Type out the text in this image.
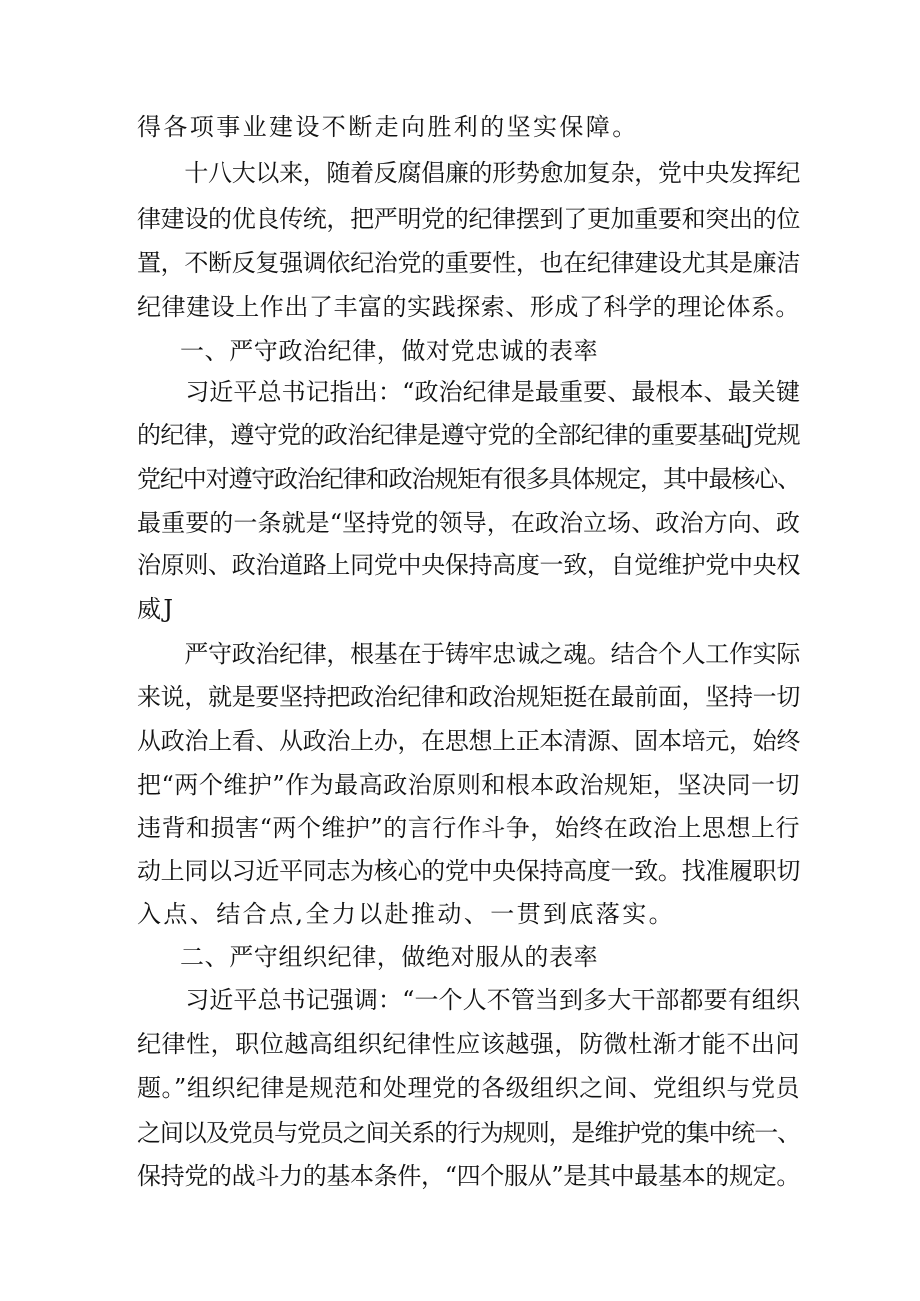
得各项事业建设不断走向胜利的坚实保障。
　　十八大以来，随着反腐倡廉的形势愈加复杂，党中央发挥纪
律建设的优良传统，把严明党的纪律摆到了更加重要和突出的位
置，不断反复强调依纪治党的重要性，也在纪律建设尤其是廉洁
纪律建设上作出了丰富的实践探索、形成了科学的理论体系。
一、严守政治纪律，做对党忠诚的表率
　　习近平总书记指出：“政治纪律是最重要、最根本、最关键
的纪律，遵守党的政治纪律是遵守党的全部纪律的重要基础J党规
党纪中对遵守政治纪律和政治规矩有很多具体规定，其中最核心、
最重要的一条就是“坚持党的领导，在政治立场、政治方向、政
治原则、政治道路上同党中央保持高度一致，自觉维护党中央权
威J
　　严守政治纪律，根基在于铸牢忠诚之魂。结合个人工作实际
来说，就是要坚持把政治纪律和政治规矩挺在最前面，坚持一切
从政治上看、从政治上办，在思想上正本清源、固本培元，始终
把“两个维护”作为最高政治原则和根本政治规矩，坚决同一切
违背和损害“两个维护”的言行作斗争，始终在政治上思想上行
动上同以习近平同志为核心的党中央保持高度一致。找准履职切
入点、结合点,全力以赴推动、一贯到底落实。
二、严守组织纪律，做绝对服从的表率
　　习近平总书记强调：“一个人不管当到多大干部都要有组织
纪律性，职位越高组织纪律性应该越强，防微杜渐才能不出问
题。”组织纪律是规范和处理党的各级组织之间、党组织与党员
之间以及党员与党员之间关系的行为规则，是维护党的集中统一、
保持党的战斗力的基本条件，“四个服从”是其中最基本的规定。
